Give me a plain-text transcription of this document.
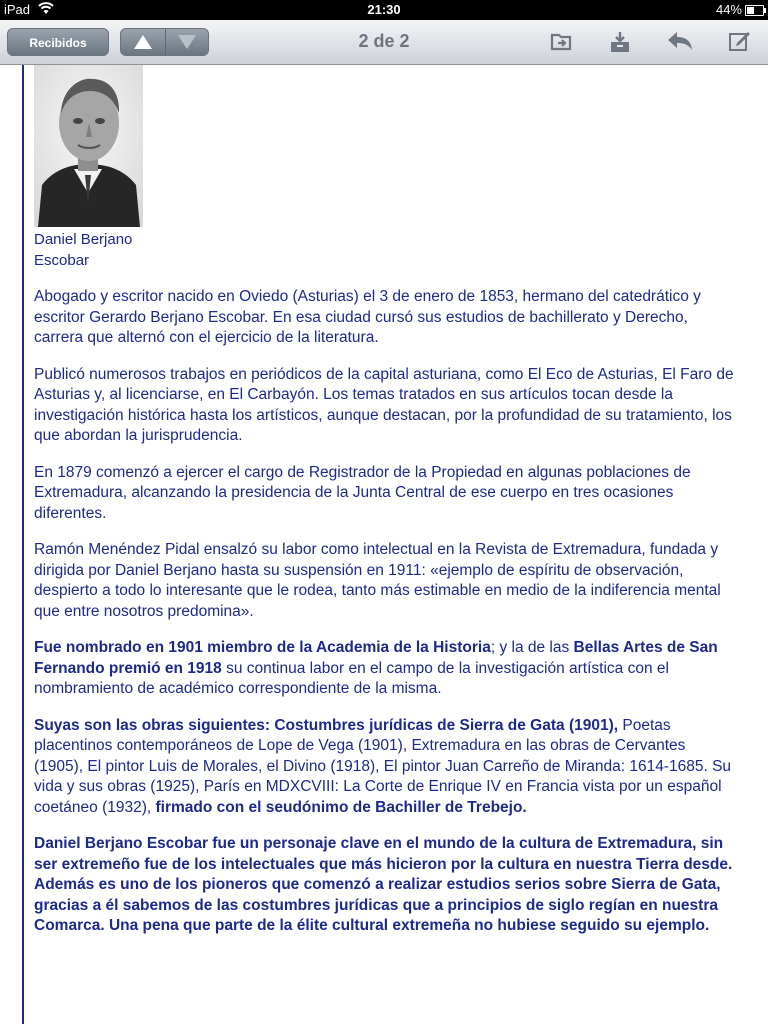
iPad	21:30	44%
Recibidos	2 de 2
Daniel Berjano
Escobar

Abogado y escritor nacido en Oviedo (Asturias) el 3 de enero de 1853, hermano del catedrático y escritor Gerardo Berjano Escobar. En esa ciudad cursó sus estudios de bachillerato y Derecho, carrera que alternó con el ejercicio de la literatura.

Publicó numerosos trabajos en periódicos de la capital asturiana, como El Eco de Asturias, El Faro de Asturias y, al licenciarse, en El Carbayón. Los temas tratados en sus artículos tocan desde la investigación histórica hasta los artísticos, aunque destacan, por la profundidad de su tratamiento, los que abordan la jurisprudencia.

En 1879 comenzó a ejercer el cargo de Registrador de la Propiedad en algunas poblaciones de Extremadura, alcanzando la presidencia de la Junta Central de ese cuerpo en tres ocasiones diferentes.

Ramón Menéndez Pidal ensalzó su labor como intelectual en la Revista de Extremadura, fundada y dirigida por Daniel Berjano hasta su suspensión en 1911: «ejemplo de espíritu de observación, despierto a todo lo interesante que le rodea, tanto más estimable en medio de la indiferencia mental que entre nosotros predomina».

Fue nombrado en 1901 miembro de la Academia de la Historia; y la de las Bellas Artes de San Fernando premió en 1918 su continua labor en el campo de la investigación artística con el nombramiento de académico correspondiente de la misma.

Suyas son las obras siguientes: Costumbres jurídicas de Sierra de Gata (1901), Poetas placentinos contemporáneos de Lope de Vega (1901), Extremadura en las obras de Cervantes (1905), El pintor Luis de Morales, el Divino (1918), El pintor Juan Carreño de Miranda: 1614-1685. Su vida y sus obras (1925), París en MDXCVIII: La Corte de Enrique IV en Francia vista por un español coetáneo (1932), firmado con el seudónimo de Bachiller de Trebejo.

Daniel Berjano Escobar fue un personaje clave en el mundo de la cultura de Extremadura, sin ser extremeño fue de los intelectuales que más hicieron por la cultura en nuestra Tierra desde. Además es uno de los pioneros que comenzó a realizar estudios serios sobre Sierra de Gata, gracias a él sabemos de las costumbres jurídicas que a principios de siglo regían en nuestra Comarca. Una pena que parte de la élite cultural extremeña no hubiese seguido su ejemplo.
